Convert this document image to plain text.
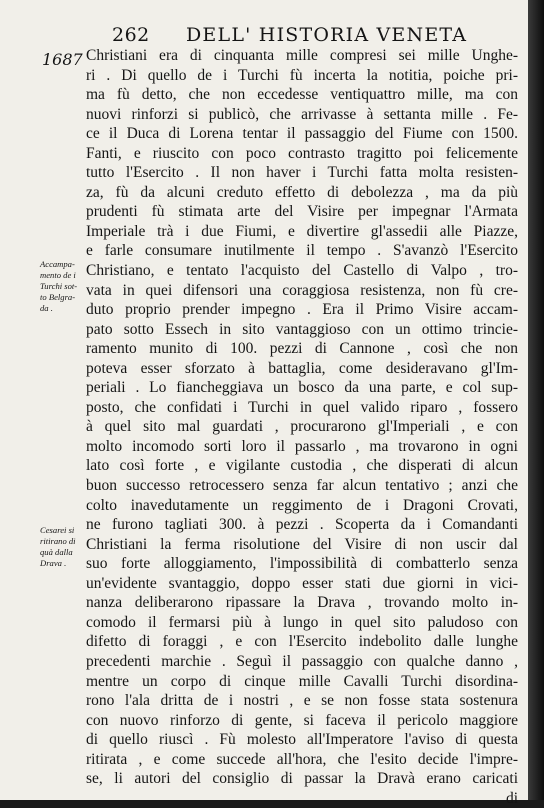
262 DELL' HISTORIA VENETA
1687
Accampa-
mento de i
Turchi sot-
to Belgra-
da .
Cesarei si
ritirano di
quà dalla
Drava .
Christiani era di cinquanta mille compresi sei mille Unghe-
ri . Di quello de i Turchi fù incerta la notitia, poiche pri-
ma fù detto, che non eccedesse ventiquattro mille, ma con
nuovi rinforzi si publicò, che arrivasse à settanta mille . Fe-
ce il Duca di Lorena tentar il passaggio del Fiume con 1500.
Fanti, e riuscito con poco contrasto tragitto poi felicemente
tutto l'Esercito . Il non haver i Turchi fatta molta resisten-
za, fù da alcuni creduto effetto di debolezza , ma da più
prudenti fù stimata arte del Visire per impegnar l'Armata
Imperiale trà i due Fiumi, e divertire gl'assedii alle Piazze,
e farle consumare inutilmente il tempo . S'avanzò l'Esercito
Christiano, e tentato l'acquisto del Castello di Valpo , tro-
vata in quei difensori una coraggiosa resistenza, non fù cre-
duto proprio prender impegno . Era il Primo Visire accam-
pato sotto Essech in sito vantaggioso con un ottimo trincie-
ramento munito di 100. pezzi di Cannone , così che non
poteva esser sforzato à battaglia, come desideravano gl'Im-
periali . Lo fiancheggiava un bosco da una parte, e col sup-
posto, che confidati i Turchi in quel valido riparo , fossero
à quel sito mal guardati , procurarono gl'Imperiali , e con
molto incomodo sorti loro il passarlo , ma trovarono in ogni
lato così forte , e vigilante custodia , che disperati di alcun
buon successo retrocessero senza far alcun tentativo ; anzi che
colto inavedutamente un reggimento de i Dragoni Crovati,
ne furono tagliati 300. à pezzi . Scoperta da i Comandanti
Christiani la ferma risolutione del Visire di non uscir dal
suo forte alloggiamento, l'impossibilità di combatterlo senza
un'evidente svantaggio, doppo esser stati due giorni in vici-
nanza deliberarono ripassare la Drava , trovando molto in-
comodo il fermarsi più à lungo in quel sito paludoso con
difetto di foraggi , e con l'Esercito indebolito dalle lunghe
precedenti marchie . Seguì il passaggio con qualche danno ,
mentre un corpo di cinque mille Cavalli Turchi disordina-
rono l'ala dritta de i nostri , e se non fosse stata sostenura
con nuovo rinforzo di gente, si faceva il pericolo maggiore
di quello riuscì . Fù molesto all'Imperatore l'aviso di questa
ritirata , e come succede all'hora, che l'esito decide l'impre-
se, li autori del consiglio di passar la Dravà erano caricati
di
